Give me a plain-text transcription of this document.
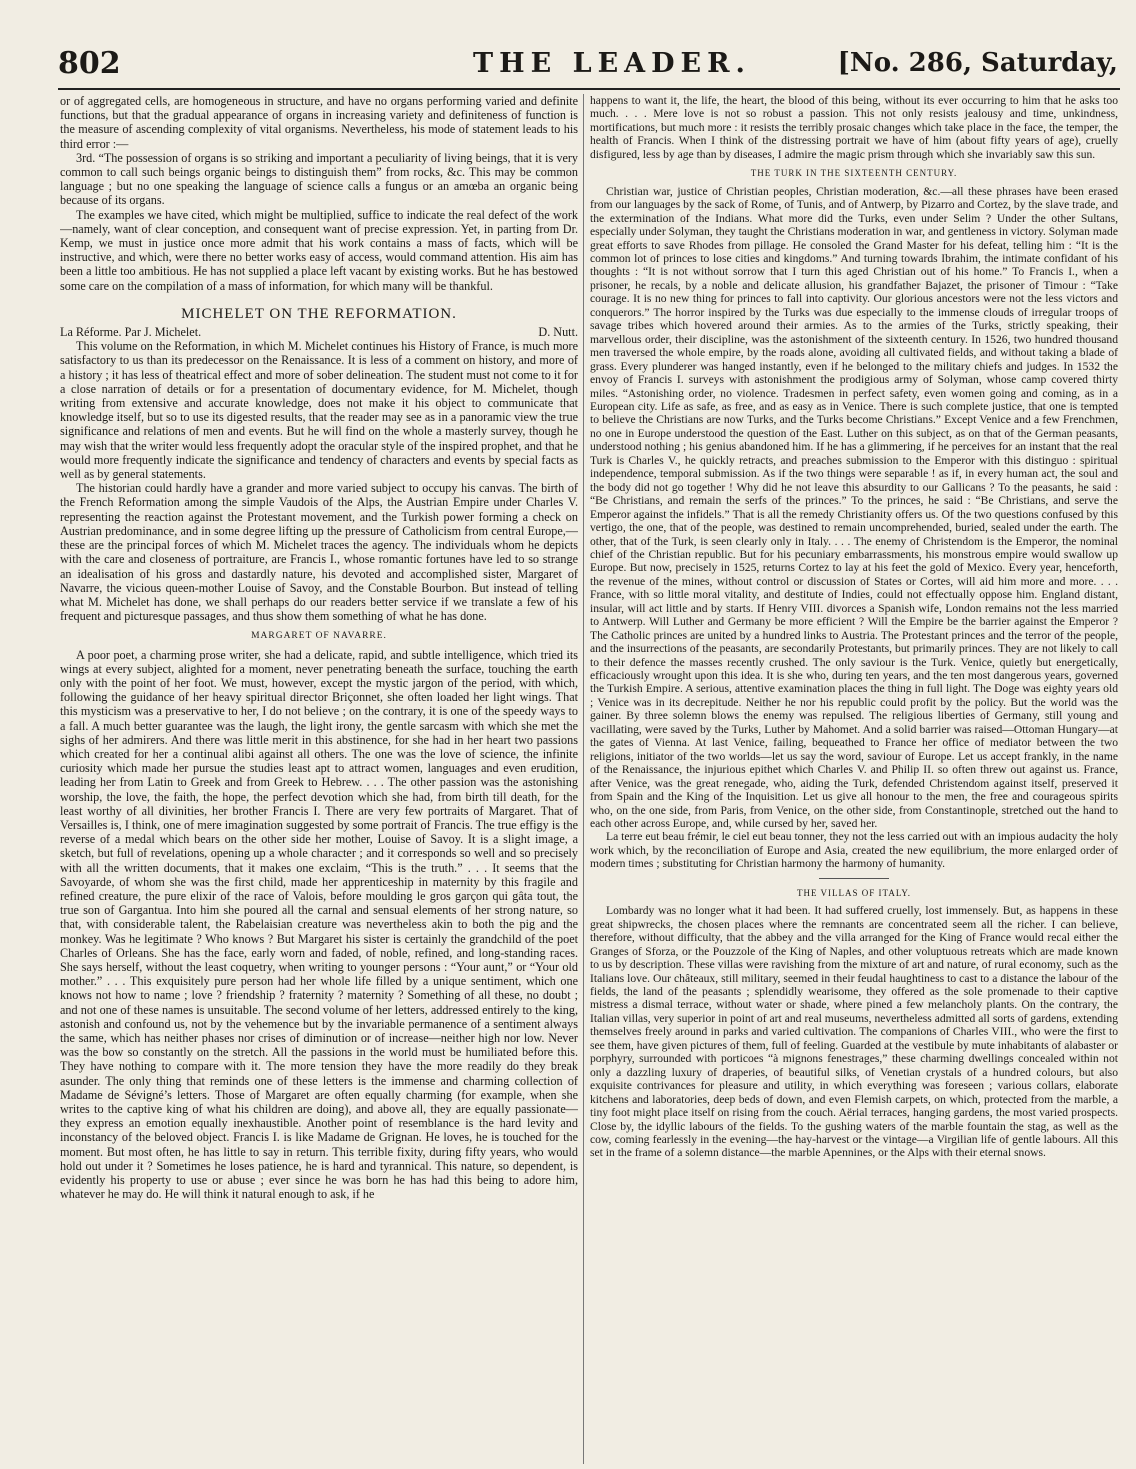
802	THE LEADER.	[No. 286, Saturday,

or of aggregated cells, are homogeneous in structure, and have no organs performing varied and definite functions, but that the gradual appearance of organs in increasing variety and definiteness of function is the measure of ascending complexity of vital organisms. Nevertheless, his mode of statement leads to his third error :—

3rd. “The possession of organs is so striking and important a peculiarity of living beings, that it is very common to call such beings organic beings to distinguish them” from rocks, &c. This may be common language ; but no one speaking the language of science calls a fungus or an amœba an organic being because of its organs.

The examples we have cited, which might be multiplied, suffice to indicate the real defect of the work—namely, want of clear conception, and consequent want of precise expression. Yet, in parting from Dr. Kemp, we must in justice once more admit that his work contains a mass of facts, which will be instructive, and which, were there no better works easy of access, would command attention. His aim has been a little too ambitious. He has not supplied a place left vacant by existing works. But he has bestowed some care on the compilation of a mass of information, for which many will be thankful.

MICHELET ON THE REFORMATION.
La Réforme. Par J. Michelet.	D. Nutt.

This volume on the Reformation, in which M. Michelet continues his History of France, is much more satisfactory to us than its predecessor on the Renaissance. It is less of a comment on history, and more of a history ; it has less of theatrical effect and more of sober delineation. The student must not come to it for a close narration of details or for a presentation of documentary evidence, for M. Michelet, though writing from extensive and accurate knowledge, does not make it his object to communicate that knowledge itself, but so to use its digested results, that the reader may see as in a panoramic view the true significance and relations of men and events. But he will find on the whole a masterly survey, though he may wish that the writer would less frequently adopt the oracular style of the inspired prophet, and that he would more frequently indicate the significance and tendency of characters and events by special facts as well as by general statements.

The historian could hardly have a grander and more varied subject to occupy his canvas. The birth of the French Reformation among the simple Vaudois of the Alps, the Austrian Empire under Charles V. representing the reaction against the Protestant movement, and the Turkish power forming a check on Austrian predominance, and in some degree lifting up the pressure of Catholicism from central Europe,—these are the principal forces of which M. Michelet traces the agency. The individuals whom he depicts with the care and closeness of portraiture, are Francis I., whose romantic fortunes have led to so strange an idealisation of his gross and dastardly nature, his devoted and accomplished sister, Margaret of Navarre, the vicious queen-mother Louise of Savoy, and the Constable Bourbon. But instead of telling what M. Michelet has done, we shall perhaps do our readers better service if we translate a few of his frequent and picturesque passages, and thus show them something of what he has done.

MARGARET OF NAVARRE.

A poor poet, a charming prose writer, she had a delicate, rapid, and subtle intelligence, which tried its wings at every subject, alighted for a moment, never penetrating beneath the surface, touching the earth only with the point of her foot. We must, however, except the mystic jargon of the period, with which, following the guidance of her heavy spiritual director Briçonnet, she often loaded her light wings. That this mysticism was a preservative to her, I do not believe ; on the contrary, it is one of the speedy ways to a fall. A much better guarantee was the laugh, the light irony, the gentle sarcasm with which she met the sighs of her admirers. And there was little merit in this abstinence, for she had in her heart two passions which created for her a continual alibi against all others. The one was the love of science, the infinite curiosity which made her pursue the studies least apt to attract women, languages and even erudition, leading her from Latin to Greek and from Greek to Hebrew. . . . The other passion was the astonishing worship, the love, the faith, the hope, the perfect devotion which she had, from birth till death, for the least worthy of all divinities, her brother Francis I. There are very few portraits of Margaret. That of Versailles is, I think, one of mere imagination suggested by some portrait of Francis. The true effigy is the reverse of a medal which bears on the other side her mother, Louise of Savoy. It is a slight image, a sketch, but full of revelations, opening up a whole character ; and it corresponds so well and so precisely with all the written documents, that it makes one exclaim, “This is the truth.” . . . It seems that the Savoyarde, of whom she was the first child, made her apprenticeship in maternity by this fragile and refined creature, the pure elixir of the race of Valois, before moulding le gros garçon qui gâta tout, the true son of Gargantua. Into him she poured all the carnal and sensual elements of her strong nature, so that, with considerable talent, the Rabelaisian creature was nevertheless akin to both the pig and the monkey. Was he legitimate ? Who knows ? But Margaret his sister is certainly the grandchild of the poet Charles of Orleans. She has the face, early worn and faded, of noble, refined, and long-standing races. She says herself, without the least coquetry, when writing to younger persons : “Your aunt,” or “Your old mother.” . . . This exquisitely pure person had her whole life filled by a unique sentiment, which one knows not how to name ; love ? friendship ? fraternity ? maternity ? Something of all these, no doubt ; and not one of these names is unsuitable. The second volume of her letters, addressed entirely to the king, astonish and confound us, not by the vehemence but by the invariable permanence of a sentiment always the same, which has neither phases nor crises of diminution or of increase—neither high nor low. Never was the bow so constantly on the stretch. All the passions in the world must be humiliated before this. They have nothing to compare with it. The more tension they have the more readily do they break asunder. The only thing that reminds one of these letters is the immense and charming collection of Madame de Sévigné’s letters. Those of Margaret are often equally charming (for example, when she writes to the captive king of what his children are doing), and above all, they are equally passionate—they express an emotion equally inexhaustible. Another point of resemblance is the hard levity and inconstancy of the beloved object. Francis I. is like Madame de Grignan. He loves, he is touched for the moment. But most often, he has little to say in return. This terrible fixity, during fifty years, who would hold out under it ? Sometimes he loses patience, he is hard and tyrannical. This nature, so dependent, is evidently his property to use or abuse ; ever since he was born he has had this being to adore him, whatever he may do. He will think it natural enough to ask, if he

happens to want it, the life, the heart, the blood of this being, without its ever occurring to him that he asks too much. . . . Mere love is not so robust a passion. This not only resists jealousy and time, unkindness, mortifications, but much more : it resists the terribly prosaic changes which take place in the face, the temper, the health of Francis. When I think of the distressing portrait we have of him (about fifty years of age), cruelly disfigured, less by age than by diseases, I admire the magic prism through which she invariably saw this sun.

THE TURK IN THE SIXTEENTH CENTURY.

Christian war, justice of Christian peoples, Christian moderation, &c.—all these phrases have been erased from our languages by the sack of Rome, of Tunis, and of Antwerp, by Pizarro and Cortez, by the slave trade, and the extermination of the Indians. What more did the Turks, even under Selim ? Under the other Sultans, especially under Solyman, they taught the Christians moderation in war, and gentleness in victory. Solyman made great efforts to save Rhodes from pillage. He consoled the Grand Master for his defeat, telling him : “It is the common lot of princes to lose cities and kingdoms.” And turning towards Ibrahim, the intimate confidant of his thoughts : “It is not without sorrow that I turn this aged Christian out of his home.” To Francis I., when a prisoner, he recals, by a noble and delicate allusion, his grandfather Bajazet, the prisoner of Timour : “Take courage. It is no new thing for princes to fall into captivity. Our glorious ancestors were not the less victors and conquerors.” The horror inspired by the Turks was due especially to the immense clouds of irregular troops of savage tribes which hovered around their armies. As to the armies of the Turks, strictly speaking, their marvellous order, their discipline, was the astonishment of the sixteenth century. In 1526, two hundred thousand men traversed the whole empire, by the roads alone, avoiding all cultivated fields, and without taking a blade of grass. Every plunderer was hanged instantly, even if he belonged to the military chiefs and judges. In 1532 the envoy of Francis I. surveys with astonishment the prodigious army of Solyman, whose camp covered thirty miles. “Astonishing order, no violence. Tradesmen in perfect safety, even women going and coming, as in a European city. Life as safe, as free, and as easy as in Venice. There is such complete justice, that one is tempted to believe the Christians are now Turks, and the Turks become Christians.” Except Venice and a few Frenchmen, no one in Europe understood the question of the East. Luther on this subject, as on that of the German peasants, understood nothing ; his genius abandoned him. If he has a glimmering, if he perceives for an instant that the real Turk is Charles V., he quickly retracts, and preaches submission to the Emperor with this distinguo : spiritual independence, temporal submission. As if the two things were separable ! as if, in every human act, the soul and the body did not go together ! Why did he not leave this absurdity to our Gallicans ? To the peasants, he said : “Be Christians, and remain the serfs of the princes.” To the princes, he said : “Be Christians, and serve the Emperor against the infidels.” That is all the remedy Christianity offers us. Of the two questions confused by this vertigo, the one, that of the people, was destined to remain uncomprehended, buried, sealed under the earth. The other, that of the Turk, is seen clearly only in Italy. . . . The enemy of Christendom is the Emperor, the nominal chief of the Christian republic. But for his pecuniary embarrassments, his monstrous empire would swallow up Europe. But now, precisely in 1525, returns Cortez to lay at his feet the gold of Mexico. Every year, henceforth, the revenue of the mines, without control or discussion of States or Cortes, will aid him more and more. . . . France, with so little moral vitality, and destitute of Indies, could not effectually oppose him. England distant, insular, will act little and by starts. If Henry VIII. divorces a Spanish wife, London remains not the less married to Antwerp. Will Luther and Germany be more efficient ? Will the Empire be the barrier against the Emperor ? The Catholic princes are united by a hundred links to Austria. The Protestant princes and the terror of the people, and the insurrections of the peasants, are secondarily Protestants, but primarily princes. They are not likely to call to their defence the masses recently crushed. The only saviour is the Turk. Venice, quietly but energetically, efficaciously wrought upon this idea. It is she who, during ten years, and the ten most dangerous years, governed the Turkish Empire. A serious, attentive examination places the thing in full light. The Doge was eighty years old ; Venice was in its decrepitude. Neither he nor his republic could profit by the policy. But the world was the gainer. By three solemn blows the enemy was repulsed. The religious liberties of Germany, still young and vacillating, were saved by the Turks, Luther by Mahomet. And a solid barrier was raised—Ottoman Hungary—at the gates of Vienna. At last Venice, failing, bequeathed to France her office of mediator between the two religions, initiator of the two worlds—let us say the word, saviour of Europe. Let us accept frankly, in the name of the Renaissance, the injurious epithet which Charles V. and Philip II. so often threw out against us. France, after Venice, was the great renegade, who, aiding the Turk, defended Christendom against itself, preserved it from Spain and the King of the Inquisition. Let us give all honour to the men, the free and courageous spirits who, on the one side, from Paris, from Venice, on the other side, from Constantinople, stretched out the hand to each other across Europe, and, while cursed by her, saved her.

La terre eut beau frémir, le ciel eut beau tonner, they not the less carried out with an impious audacity the holy work which, by the reconciliation of Europe and Asia, created the new equilibrium, the more enlarged order of modern times ; substituting for Christian harmony the harmony of humanity.

THE VILLAS OF ITALY.

Lombardy was no longer what it had been. It had suffered cruelly, lost immensely. But, as happens in these great shipwrecks, the chosen places where the remnants are concentrated seem all the richer. I can believe, therefore, without difficulty, that the abbey and the villa arranged for the King of France would recal either the Granges of Sforza, or the Pouzzole of the King of Naples, and other voluptuous retreats which are made known to us by description. These villas were ravishing from the mixture of art and nature, of rural economy, such as the Italians love. Our châteaux, still military, seemed in their feudal haughtiness to cast to a distance the labour of the fields, the land of the peasants ; splendidly wearisome, they offered as the sole promenade to their captive mistress a dismal terrace, without water or shade, where pined a few melancholy plants. On the contrary, the Italian villas, very superior in point of art and real museums, nevertheless admitted all sorts of gardens, extending themselves freely around in parks and varied cultivation. The companions of Charles VIII., who were the first to see them, have given pictures of them, full of feeling. Guarded at the vestibule by mute inhabitants of alabaster or porphyry, surrounded with porticoes “à mignons fenestrages,” these charming dwellings concealed within not only a dazzling luxury of draperies, of beautiful silks, of Venetian crystals of a hundred colours, but also exquisite contrivances for pleasure and utility, in which everything was foreseen ; various collars, elaborate kitchens and laboratories, deep beds of down, and even Flemish carpets, on which, protected from the marble, a tiny foot might place itself on rising from the couch. Aërial terraces, hanging gardens, the most varied prospects. Close by, the idyllic labours of the fields. To the gushing waters of the marble fountain the stag, as well as the cow, coming fearlessly in the evening—the hay-harvest or the vintage—a Virgilian life of gentle labours. All this set in the frame of a solemn distance—the marble Apennines, or the Alps with their eternal snows.
